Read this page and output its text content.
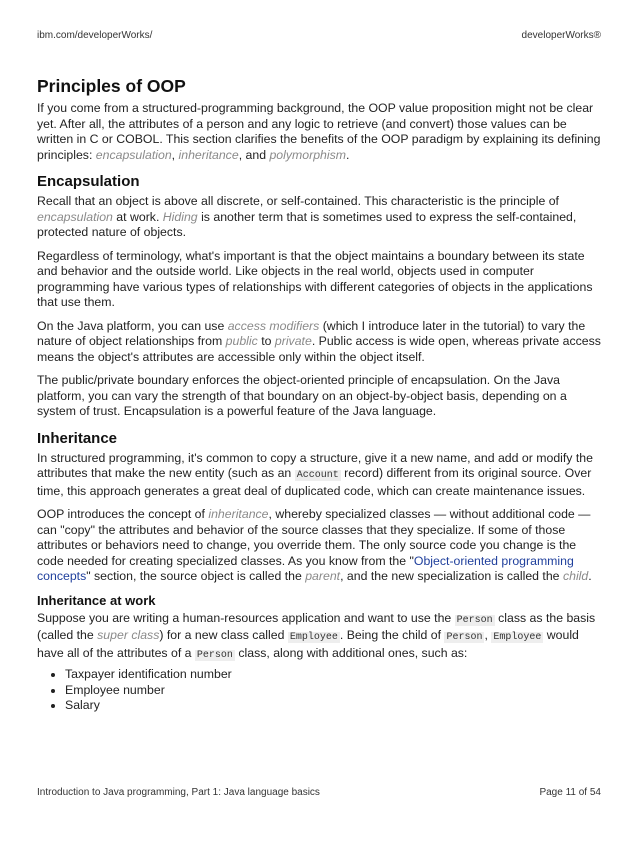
ibm.com/developerWorks/	developerWorks®
Principles of OOP

If you come from a structured-programming background, the OOP value proposition might not be clear yet. After all, the attributes of a person and any logic to retrieve (and convert) those values can be written in C or COBOL. This section clarifies the benefits of the OOP paradigm by explaining its defining principles: encapsulation, inheritance, and polymorphism.

Encapsulation

Recall that an object is above all discrete, or self-contained. This characteristic is the principle of encapsulation at work. Hiding is another term that is sometimes used to express the self-contained, protected nature of objects.

Regardless of terminology, what's important is that the object maintains a boundary between its state and behavior and the outside world. Like objects in the real world, objects used in computer programming have various types of relationships with different categories of objects in the applications that use them.

On the Java platform, you can use access modifiers (which I introduce later in the tutorial) to vary the nature of object relationships from public to private. Public access is wide open, whereas private access means the object's attributes are accessible only within the object itself.

The public/private boundary enforces the object-oriented principle of encapsulation. On the Java platform, you can vary the strength of that boundary on an object-by-object basis, depending on a system of trust. Encapsulation is a powerful feature of the Java language.

Inheritance

In structured programming, it's common to copy a structure, give it a new name, and add or modify the attributes that make the new entity (such as an Account record) different from its original source. Over time, this approach generates a great deal of duplicated code, which can create maintenance issues.

OOP introduces the concept of inheritance, whereby specialized classes — without additional code — can "copy" the attributes and behavior of the source classes that they specialize. If some of those attributes or behaviors need to change, you override them. The only source code you change is the code needed for creating specialized classes. As you know from the "Object-oriented programming concepts" section, the source object is called the parent, and the new specialization is called the child.

Inheritance at work

Suppose you are writing a human-resources application and want to use the Person class as the basis (called the super class) for a new class called Employee . Being the child of Person , Employee would have all of the attributes of a Person class, along with additional ones, such as:

• Taxpayer identification number
• Employee number
• Salary
Introduction to Java programming, Part 1: Java language basics	Page 11 of 54
